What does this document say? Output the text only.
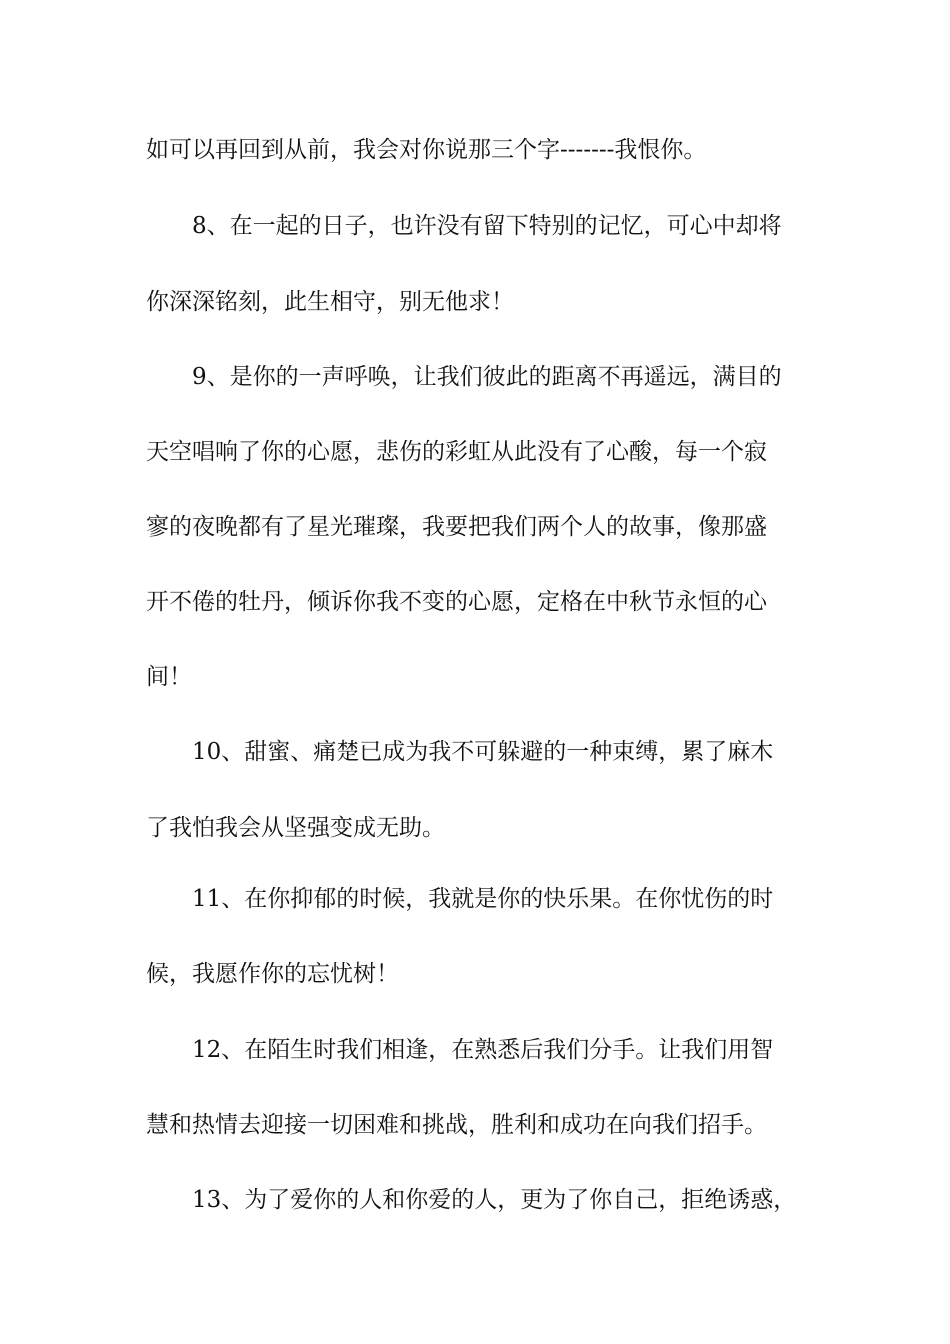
如可以再回到从前，我会对你说那三个字-------我恨你。
8、在一起的日子，也许没有留下特别的记忆，可心中却将
你深深铭刻，此生相守，别无他求！
9、是你的一声呼唤，让我们彼此的距离不再遥远，满目的
天空唱响了你的心愿，悲伤的彩虹从此没有了心酸，每一个寂
寥的夜晚都有了星光璀璨，我要把我们两个人的故事，像那盛
开不倦的牡丹，倾诉你我不变的心愿，定格在中秋节永恒的心
间！
10、甜蜜、痛楚已成为我不可躲避的一种束缚，累了麻木
了我怕我会从坚强变成无助。
11、在你抑郁的时候，我就是你的快乐果。在你忧伤的时
候，我愿作你的忘忧树！
12、在陌生时我们相逢，在熟悉后我们分手。让我们用智
慧和热情去迎接一切困难和挑战，胜利和成功在向我们招手。
13、为了爱你的人和你爱的人，更为了你自己，拒绝诱惑，
